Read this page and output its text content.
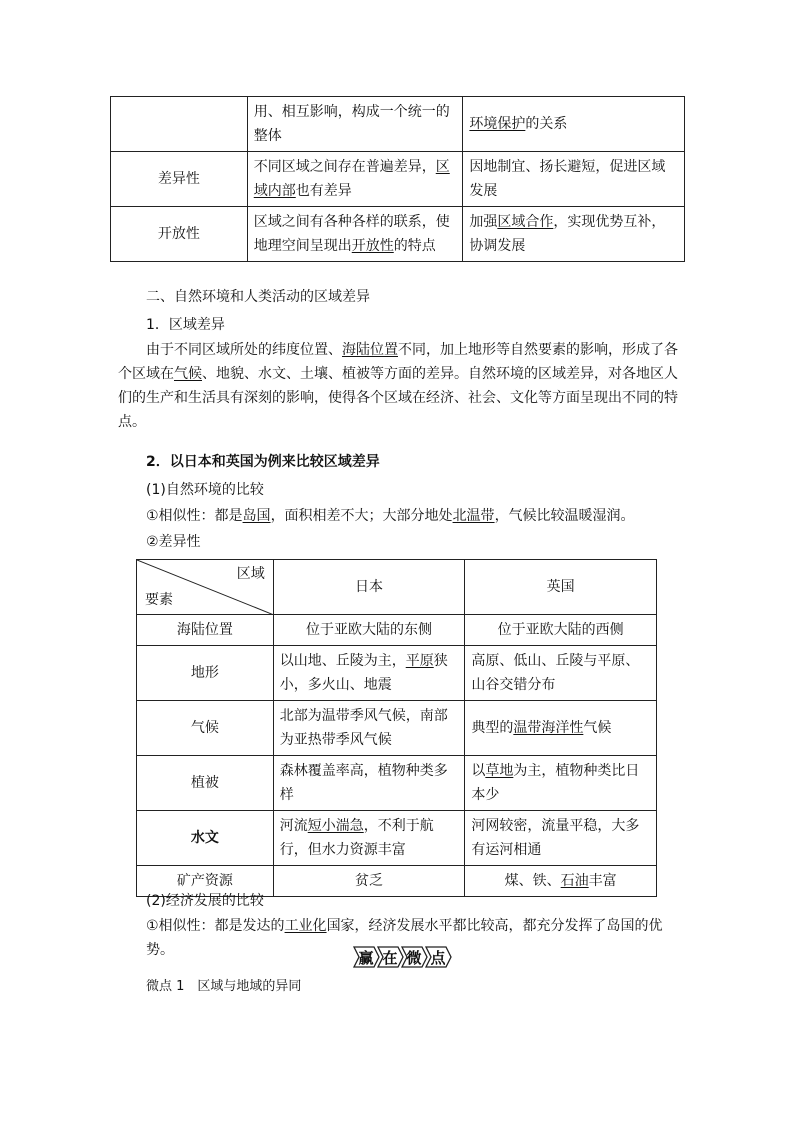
	用、相互影响，构成一个统一的整体	环境保护的关系
差异性	不同区域之间存在普遍差异，区域内部也有差异	因地制宜、扬长避短，促进区域发展
开放性	区域之间有各种各样的联系，使地理空间呈现出开放性的特点	加强区域合作，实现优势互补，协调发展
二、自然环境和人类活动的区域差异
1．区域差异
由于不同区域所处的纬度位置、海陆位置不同，加上地形等自然要素的影响，形成了各个区域在气候、地貌、水文、土壤、植被等方面的差异。自然环境的区域差异，对各地区人们的生产和生活具有深刻的影响，使得各个区域在经济、社会、文化等方面呈现出不同的特点。
2．以日本和英国为例来比较区域差异
(1)自然环境的比较
①相似性：都是岛国，面积相差不大；大部分地处北温带，气候比较温暖湿润。
②差异性
区域
要素	日本	英国
海陆位置	位于亚欧大陆的东侧	位于亚欧大陆的西侧
地形	以山地、丘陵为主，平原狭小，多火山、地震	高原、低山、丘陵与平原、山谷交错分布
气候	北部为温带季风气候，南部为亚热带季风气候	典型的温带海洋性气候
植被	森林覆盖率高，植物种类多样	以草地为主，植物种类比日本少
水文	河流短小湍急，不利于航行，但水力资源丰富	河网较密，流量平稳，大多有运河相通
矿产资源	贫乏	煤、铁、石油丰富
(2)经济发展的比较
①相似性：都是发达的工业化国家，经济发展水平都比较高，都充分发挥了岛国的优势。	赢 在 微 点
微点 1　区域与地域的异同
